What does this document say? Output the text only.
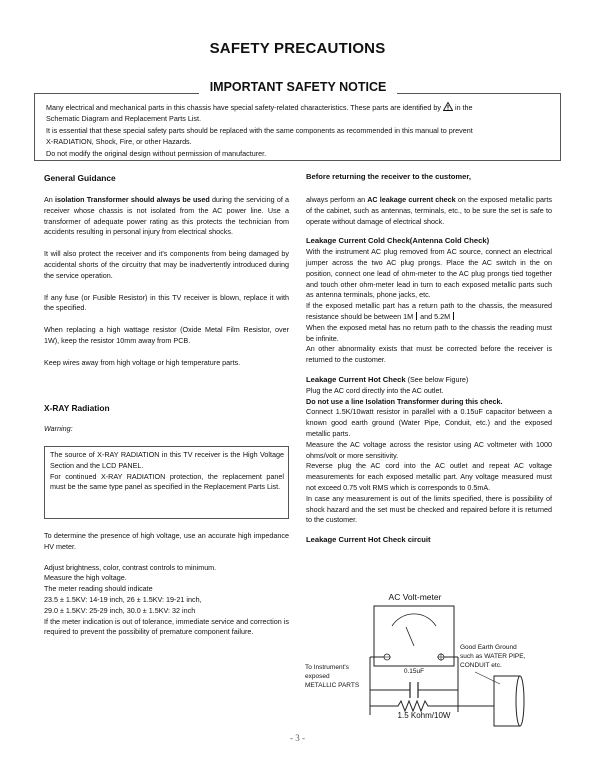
SAFETY PRECAUTIONS
IMPORTANT SAFETY NOTICE
Many electrical and mechanical parts in this chassis have special safety-related characteristics. These parts are identified by in the
Schematic Diagram and Replacement Parts List.
It is essential that these special safety parts should be replaced with the same components as recommended in this manual to prevent
X-RADIATION, Shock, Fire, or other Hazards.
Do not modify the original design without permission of manufacturer.
General Guidance

An isolation Transformer should always be used during the servicing of a receiver whose chassis is not isolated from the AC power line. Use a transformer of adequate power rating as this protects the technician from accidents resulting in personal injury from electrical shocks.

It will also protect the receiver and it's components from being damaged by accidental shorts of the circuitry that may be inadvertently introduced during the service operation.

If any fuse (or Fusible Resistor) in this TV receiver is blown, replace it with the specified.

When replacing a high wattage resistor (Oxide Metal Film Resistor, over 1W), keep the resistor 10mm away from PCB.

Keep wires away from high voltage or high temperature parts.

X-RAY Radiation
Warning:
The source of X-RAY RADIATION in this TV receiver is the High Voltage Section and the LCD PANEL.
For continued X-RAY RADIATION protection, the replacement panel must be the same type panel as specified in the Replacement Parts List.

To determine the presence of high voltage, use an accurate high impedance HV meter.

Adjust brightness, color, contrast controls to minimum.
Measure the high voltage.
The meter reading should indicate
23.5 ± 1.5KV: 14-19 inch, 26 ± 1.5KV: 19-21 inch,
29.0 ± 1.5KV: 25-29 inch, 30.0 ± 1.5KV: 32 inch

If the meter indication is out of tolerance, immediate service and correction is required to prevent the possibility of premature component failure.

Before returning the receiver to the customer,

always perform an AC leakage current check on the exposed metallic parts of the cabinet, such as antennas, terminals, etc., to be sure the set is safe to operate without damage of electrical shock.

Leakage Current Cold Check(Antenna Cold Check)

With the instrument AC plug removed from AC source, connect an electrical jumper across the two AC plug prongs. Place the AC switch in the on position, connect one lead of ohm-meter to the AC plug prongs tied together and touch other ohm-meter lead in turn to each exposed metallic parts such as antenna terminals, phone jacks, etc.

If the exposed metallic part has a return path to the chassis, the measured resistance should be between 1M and 5.2M

When the exposed metal has no return path to the chassis the reading must be infinite.

An other abnormality exists that must be corrected before the receiver is returned to the customer.

Leakage Current Hot Check (See below Figure)

Plug the AC cord directly into the AC outlet.

Do not use a line Isolation Transformer during this check.

Connect 1.5K/10watt resistor in parallel with a 0.15uF capacitor between a known good earth ground (Water Pipe, Conduit, etc.) and the exposed metallic parts.

Measure the AC voltage across the resistor using AC voltmeter with 1000 ohms/volt or more sensitivity.

Reverse plug the AC cord into the AC outlet and repeat AC voltage measurements for each exposed metallic part. Any voltage measured must not exceed 0.75 volt RMS which is corresponds to 0.5mA.

In case any measurement is out of the limits specified, there is possibility of shock hazard and the set must be checked and repaired before it is returned to the customer.

Leakage Current Hot Check circuit
AC Volt-meter
0.15uF
1.5 Kohm/10W
Good Earth Ground
such as WATER PIPE,
CONDUIT etc.
To Instrument's
exposed
METALLIC PARTS
- 3 -
